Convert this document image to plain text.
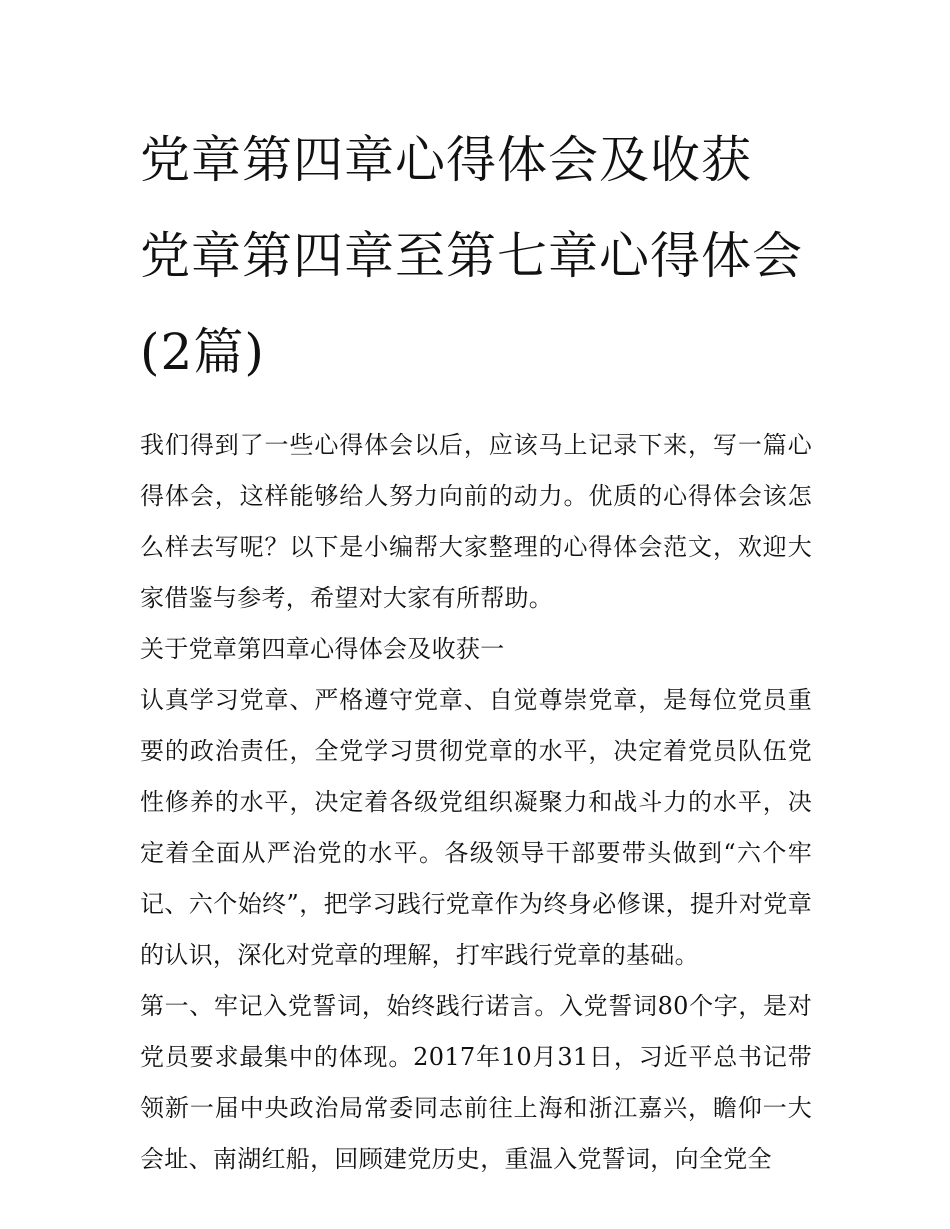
党章第四章心得体会及收获 党章第四章至第七章心得体会(2篇)

我们得到了一些心得体会以后，应该马上记录下来，写一篇心得体会，这样能够给人努力向前的动力。优质的心得体会该怎么样去写呢？以下是小编帮大家整理的心得体会范文，欢迎大家借鉴与参考，希望对大家有所帮助。

关于党章第四章心得体会及收获一

认真学习党章、严格遵守党章、自觉尊崇党章，是每位党员重要的政治责任，全党学习贯彻党章的水平，决定着党员队伍党性修养的水平，决定着各级党组织凝聚力和战斗力的水平，决定着全面从严治党的水平。各级领导干部要带头做到“六个牢记、六个始终”，把学习践行党章作为终身必修课，提升对党章的认识，深化对党章的理解，打牢践行党章的基础。

第一、牢记入党誓词，始终践行诺言。入党誓词80个字，是对党员要求最集中的体现。2017年10月31日，习近平总书记带领新一届中央政治局常委同志前往上海和浙江嘉兴，瞻仰一大会址、南湖红船，回顾建党历史，重温入党誓词，向全党全
